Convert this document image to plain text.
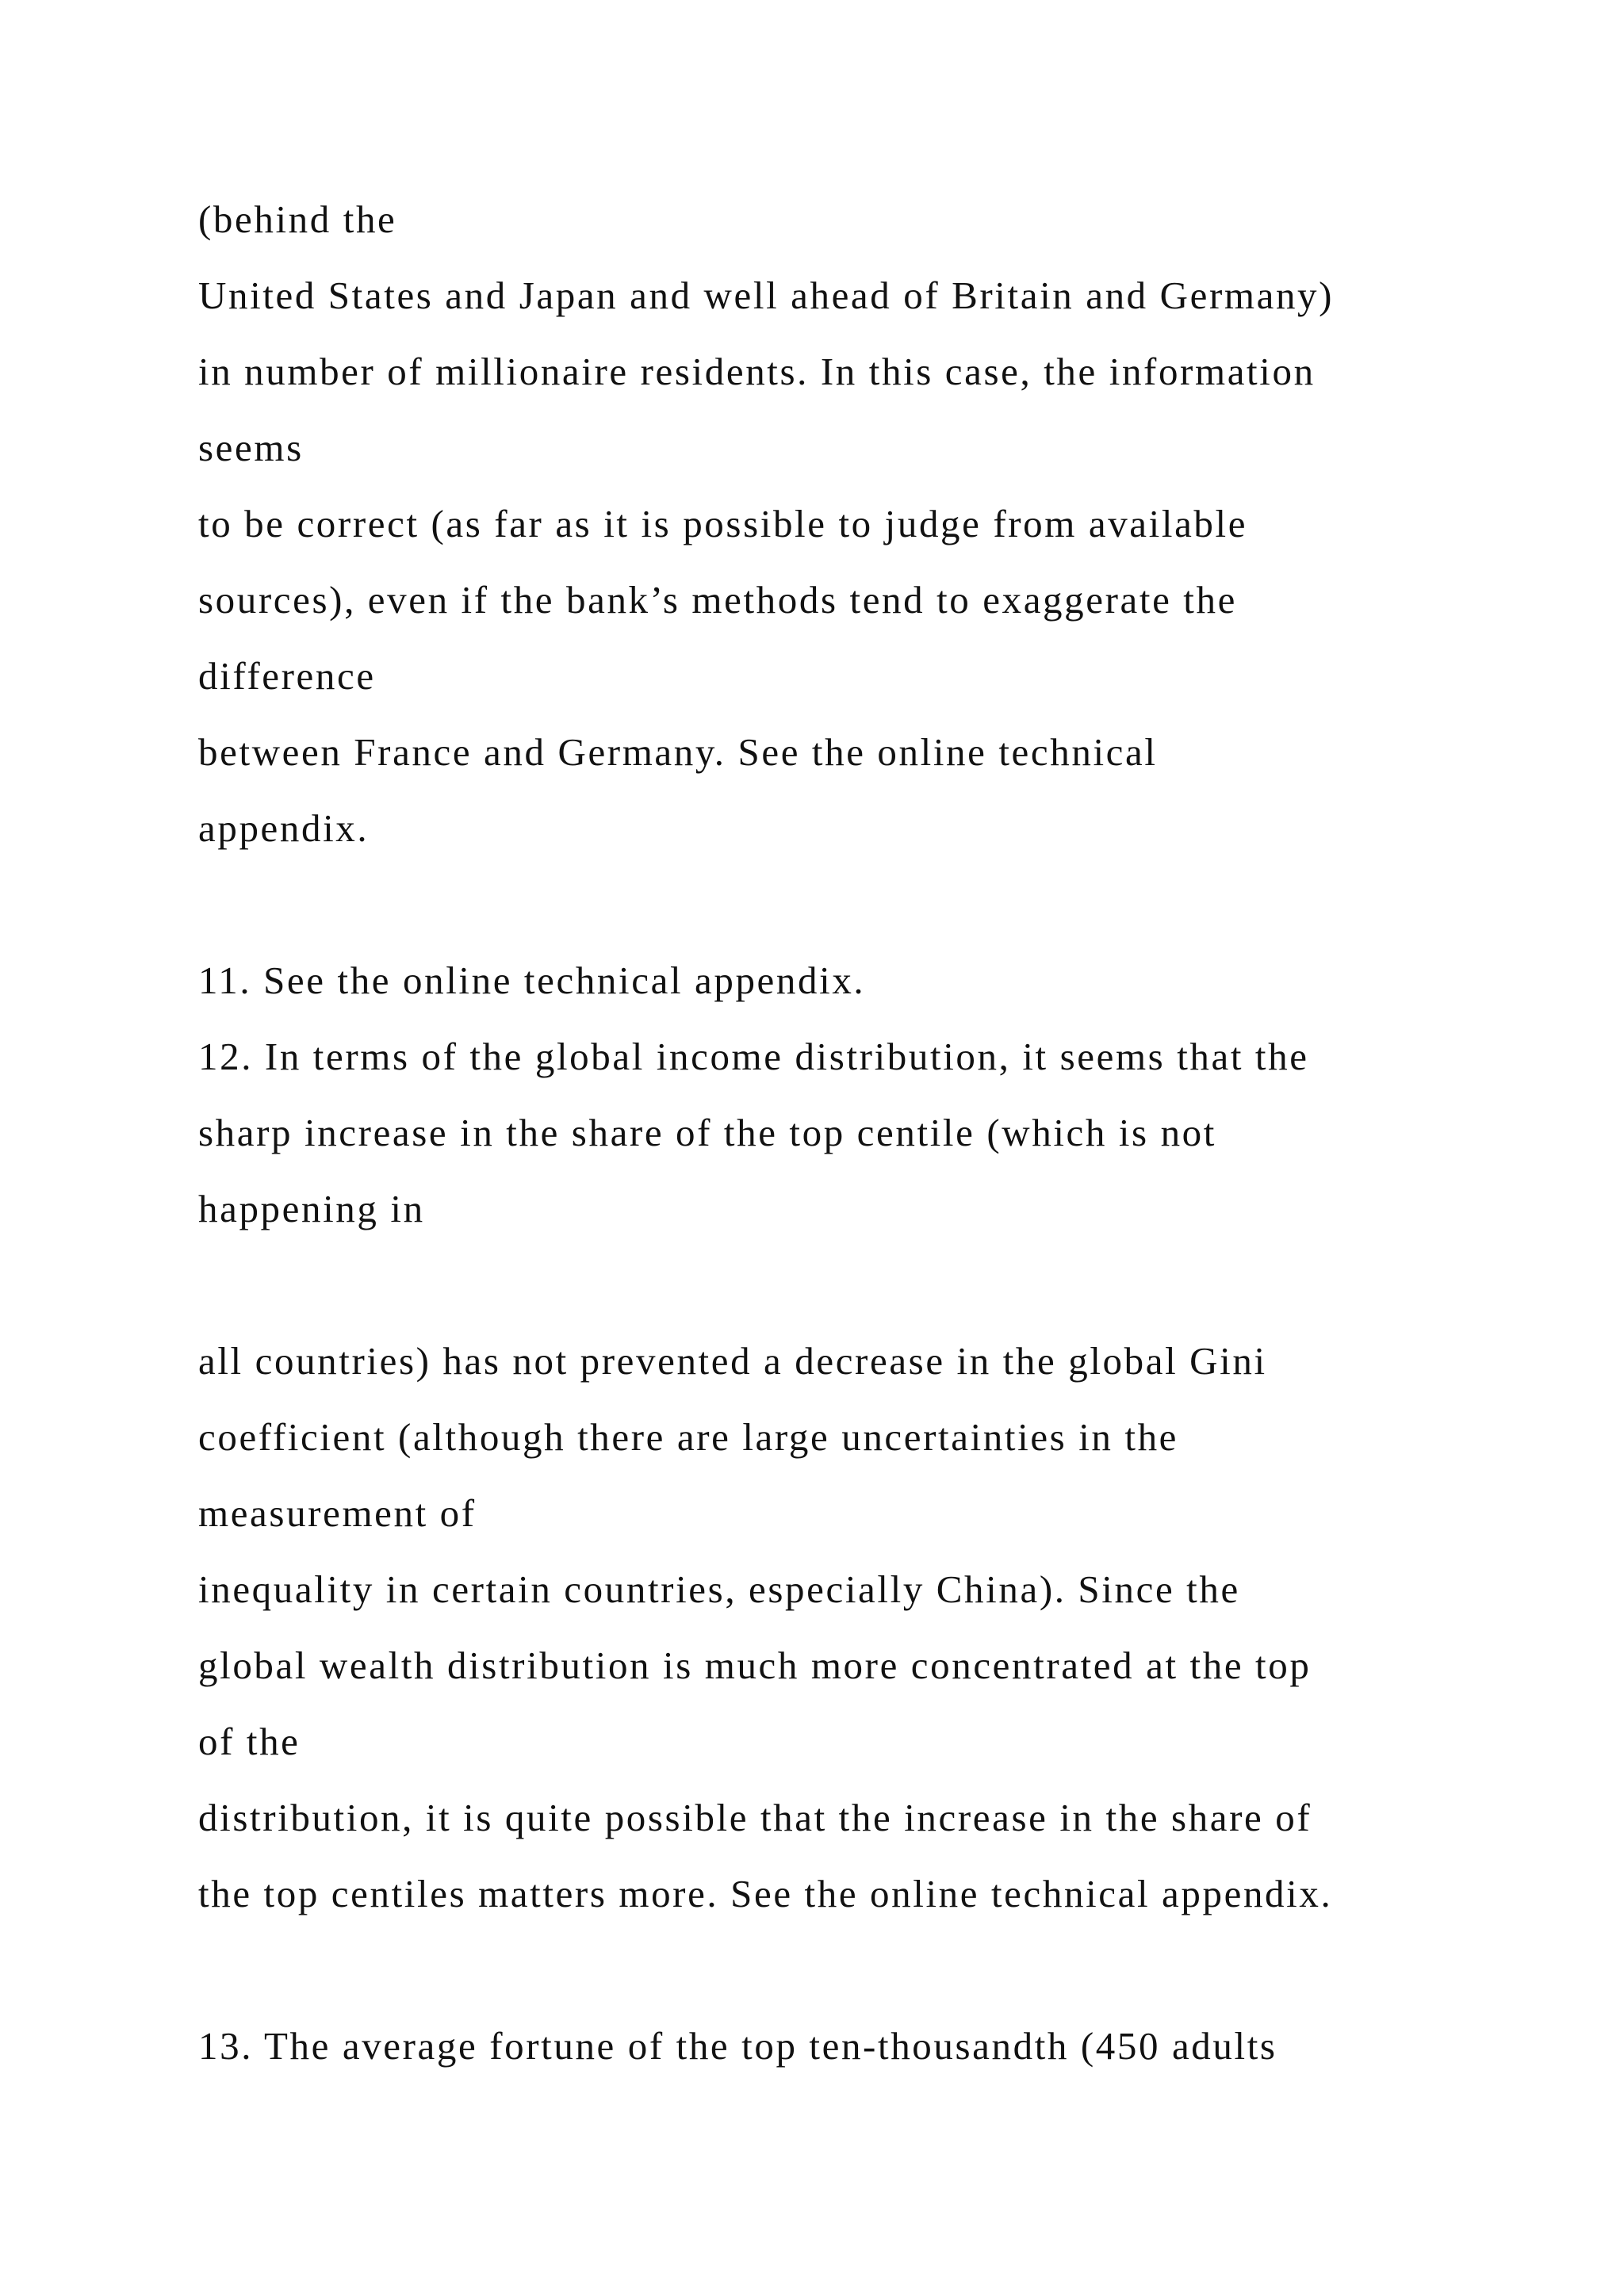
(behind the

United States and Japan and well ahead of Britain and Germany)

in number of millionaire residents. In this case, the information

seems

to be correct (as far as it is possible to judge from available

sources), even if the bank’s methods tend to exaggerate the

difference

between France and Germany. See the online technical

appendix.

11. See the online technical appendix.

12. In terms of the global income distribution, it seems that the

sharp increase in the share of the top centile (which is not

happening in

all countries) has not prevented a decrease in the global Gini

coefficient (although there are large uncertainties in the

measurement of

inequality in certain countries, especially China). Since the

global wealth distribution is much more concentrated at the top

of the

distribution, it is quite possible that the increase in the share of

the top centiles matters more. See the online technical appendix.

13. The average fortune of the top ten-thousandth (450 adults
